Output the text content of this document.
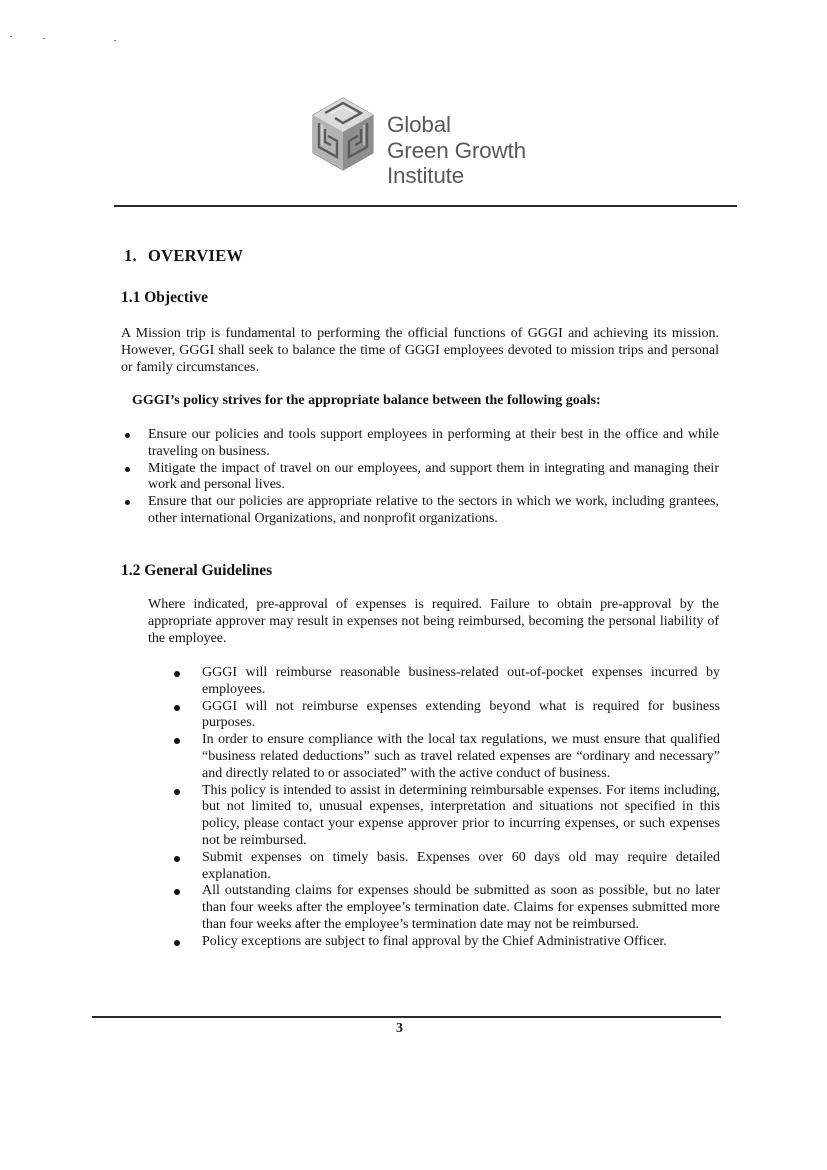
Global
Green Growth
Institute
1. OVERVIEW
1.1 Objective

A Mission trip is fundamental to performing the official functions of GGGI and achieving its mission. However, GGGI shall seek to balance the time of GGGI employees devoted to mission trips and personal or family circumstances.

GGGI’s policy strives for the appropriate balance between the following goals:
Ensure our policies and tools support employees in performing at their best in the office and while traveling on business.
Mitigate the impact of travel on our employees, and support them in integrating and managing their work and personal lives.
Ensure that our policies are appropriate relative to the sectors in which we work, including grantees, other international Organizations, and nonprofit organizations.
1.2 General Guidelines

Where indicated, pre-approval of expenses is required. Failure to obtain pre-approval by the appropriate approver may result in expenses not being reimbursed, becoming the personal liability of the employee.

GGGI will reimburse reasonable business-related out-of-pocket expenses incurred by employees.
GGGI will not reimburse expenses extending beyond what is required for business purposes.
In order to ensure compliance with the local tax regulations, we must ensure that qualified “business related deductions” such as travel related expenses are “ordinary and necessary” and directly related to or associated” with the active conduct of business.
This policy is intended to assist in determining reimbursable expenses. For items including, but not limited to, unusual expenses, interpretation and situations not specified in this policy, please contact your expense approver prior to incurring expenses, or such expenses not be reimbursed.
Submit expenses on timely basis. Expenses over 60 days old may require detailed explanation.
All outstanding claims for expenses should be submitted as soon as possible, but no later than four weeks after the employee’s termination date. Claims for expenses submitted more than four weeks after the employee’s termination date may not be reimbursed.
Policy exceptions are subject to final approval by the Chief Administrative Officer.
3
